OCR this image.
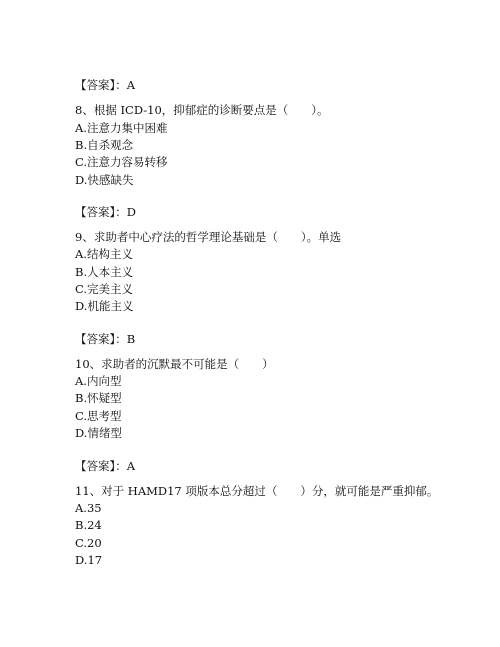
【答案】：A
8、根据 ICD-10，抑郁症的诊断要点是（　　）。
A.注意力集中困难
B.自杀观念
C.注意力容易转移
D.快感缺失
【答案】：D
9、求助者中心疗法的哲学理论基础是（　　）。单选
A.结构主义
B.人本主义
C.完美主义
D.机能主义
【答案】：B
10、求助者的沉默最不可能是（　　）
A.内向型
B.怀疑型
C.思考型
D.情绪型
【答案】：A
11、对于 HAMD17 项版本总分超过（　　）分，就可能是严重抑郁。
A.35
B.24
C.20
D.17
